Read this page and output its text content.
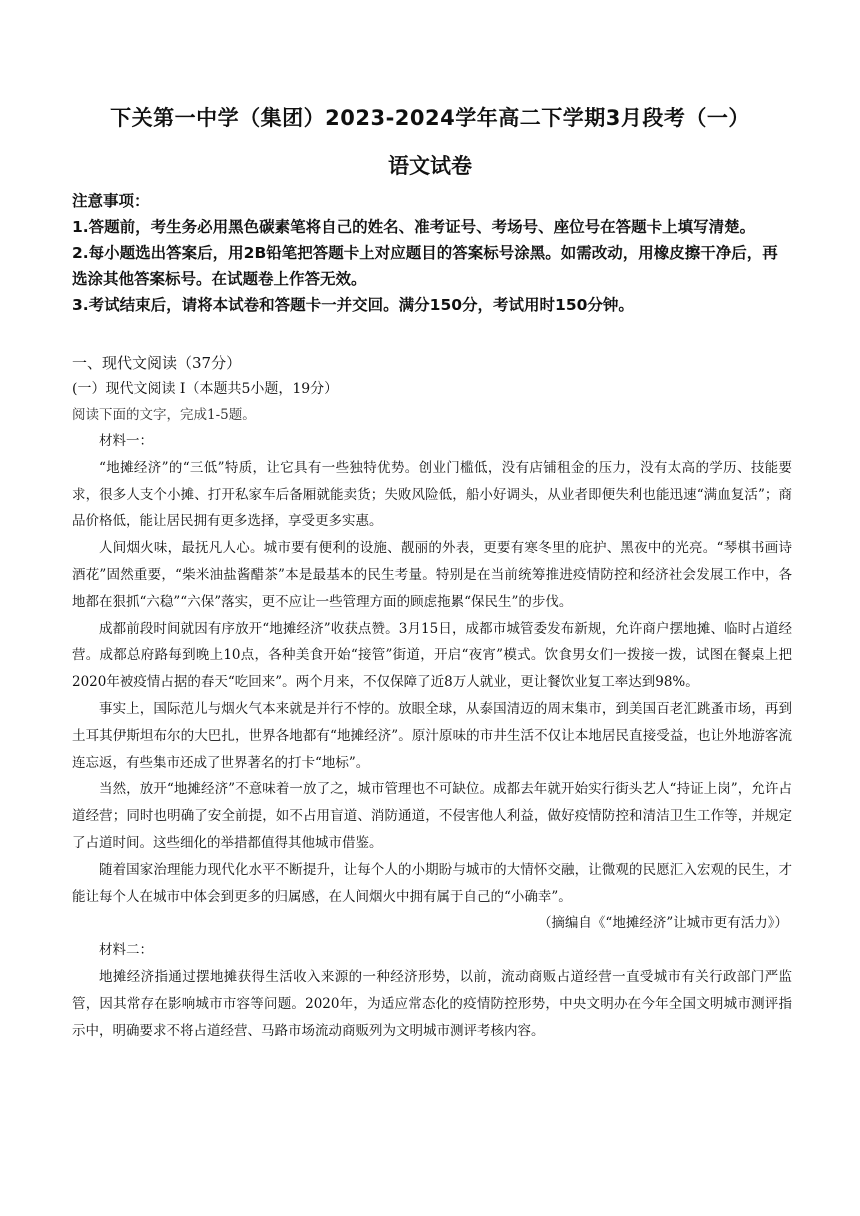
下关第一中学（集团）2023-2024学年高二下学期3月段考（一）
语文试卷

注意事项：

1.答题前，考生务必用黑色碳素笔将自己的姓名、准考证号、考场号、座位号在答题卡上填写清楚。

2.每小题选出答案后，用2B铅笔把答题卡上对应题目的答案标号涂黑。如需改动，用橡皮擦干净后，再选涂其他答案标号。在试题卷上作答无效。

3.考试结束后，请将本试卷和答题卡一并交回。满分150分，考试用时150分钟。

一、现代文阅读（37分）

(一）现代文阅读 I（本题共5小题，19分）

阅读下面的文字，完成1-5题。

材料一：

“地摊经济”的“三低”特质，让它具有一些独特优势。创业门槛低，没有店铺租金的压力，没有太高的学历、技能要求，很多人支个小摊、打开私家车后备厢就能卖货；失败风险低，船小好调头，从业者即便失利也能迅速“满血复活”；商品价格低，能让居民拥有更多选择，享受更多实惠。

人间烟火味，最抚凡人心。城市要有便利的设施、靓丽的外表，更要有寒冬里的庇护、黑夜中的光亮。“琴棋书画诗酒花”固然重要，“柴米油盐酱醋茶”本是最基本的民生考量。特别是在当前统筹推进疫情防控和经济社会发展工作中，各地都在狠抓“六稳”“六保”落实，更不应让一些管理方面的顾虑拖累“保民生”的步伐。

成都前段时间就因有序放开“地摊经济”收获点赞。3月15日，成都市城管委发布新规，允许商户摆地摊、临时占道经营。成都总府路每到晚上10点，各种美食开始“接管”街道，开启“夜宵”模式。饮食男女们一拨接一拨，试图在餐桌上把2020年被疫情占据的春天“吃回来”。两个月来，不仅保障了近8万人就业，更让餐饮业复工率达到98%。

事实上，国际范儿与烟火气本来就是并行不悖的。放眼全球，从泰国清迈的周末集市，到美国百老汇跳蚤市场，再到土耳其伊斯坦布尔的大巴扎，世界各地都有“地摊经济”。原汁原味的市井生活不仅让本地居民直接受益，也让外地游客流连忘返，有些集市还成了世界著名的打卡“地标”。

当然，放开“地摊经济”不意味着一放了之，城市管理也不可缺位。成都去年就开始实行街头艺人“持证上岗”，允许占道经营；同时也明确了安全前提，如不占用盲道、消防通道，不侵害他人利益，做好疫情防控和清洁卫生工作等，并规定了占道时间。这些细化的举措都值得其他城市借鉴。

随着国家治理能力现代化水平不断提升，让每个人的小期盼与城市的大情怀交融，让微观的民愿汇入宏观的民生，才能让每个人在城市中体会到更多的归属感，在人间烟火中拥有属于自己的“小确幸”。

（摘编自《“地摊经济”让城市更有活力》）

材料二：

地摊经济指通过摆地摊获得生活收入来源的一种经济形势，以前，流动商贩占道经营一直受城市有关行政部门严监管，因其常存在影响城市市容等问题。2020年，为适应常态化的疫情防控形势，中央文明办在今年全国文明城市测评指示中，明确要求不将占道经营、马路市场流动商贩列为文明城市测评考核内容。
